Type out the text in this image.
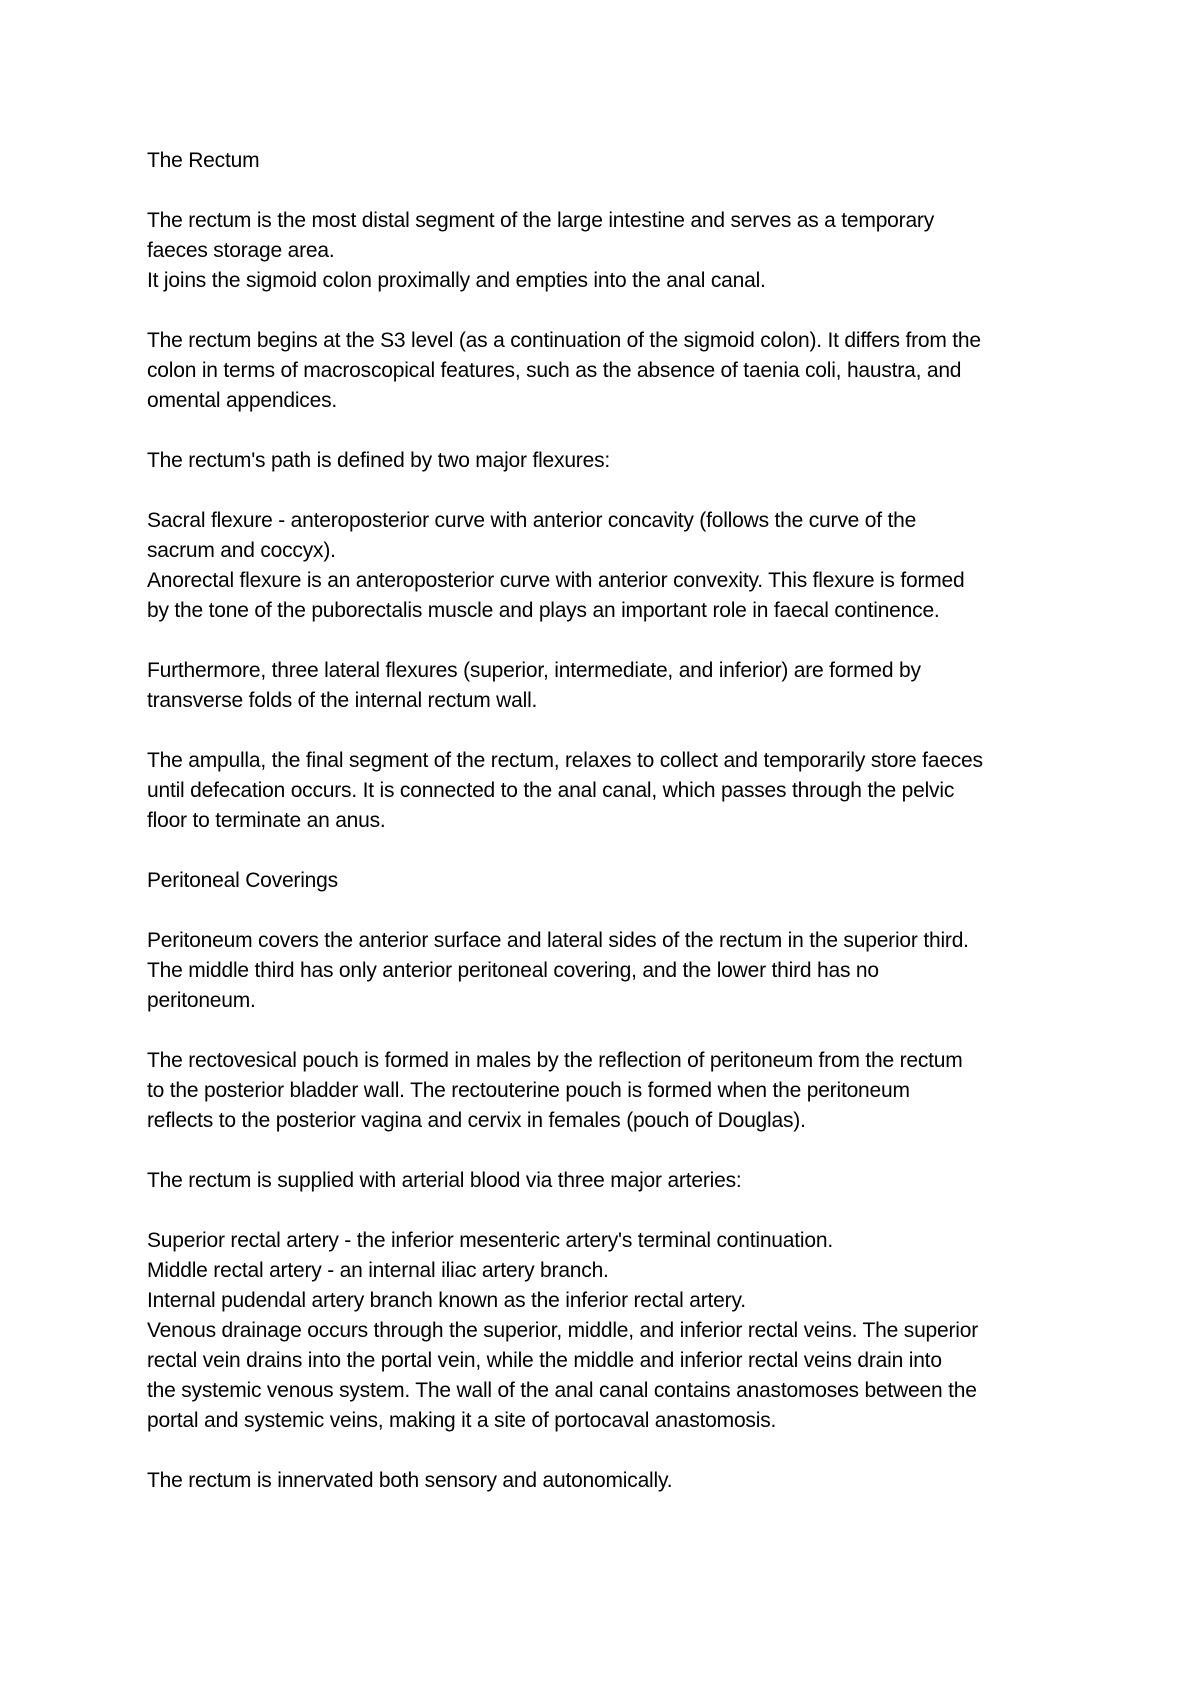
The Rectum

The rectum is the most distal segment of the large intestine and serves as a temporary
faeces storage area.
It joins the sigmoid colon proximally and empties into the anal canal.

The rectum begins at the S3 level (as a continuation of the sigmoid colon). It differs from the
colon in terms of macroscopical features, such as the absence of taenia coli, haustra, and
omental appendices.

The rectum's path is defined by two major flexures:

Sacral flexure - anteroposterior curve with anterior concavity (follows the curve of the
sacrum and coccyx).
Anorectal flexure is an anteroposterior curve with anterior convexity. This flexure is formed
by the tone of the puborectalis muscle and plays an important role in faecal continence.

Furthermore, three lateral flexures (superior, intermediate, and inferior) are formed by
transverse folds of the internal rectum wall.

The ampulla, the final segment of the rectum, relaxes to collect and temporarily store faeces
until defecation occurs. It is connected to the anal canal, which passes through the pelvic
floor to terminate an anus.

Peritoneal Coverings

Peritoneum covers the anterior surface and lateral sides of the rectum in the superior third.
The middle third has only anterior peritoneal covering, and the lower third has no
peritoneum.

The rectovesical pouch is formed in males by the reflection of peritoneum from the rectum
to the posterior bladder wall. The rectouterine pouch is formed when the peritoneum
reflects to the posterior vagina and cervix in females (pouch of Douglas).

The rectum is supplied with arterial blood via three major arteries:

Superior rectal artery - the inferior mesenteric artery's terminal continuation.
Middle rectal artery - an internal iliac artery branch.
Internal pudendal artery branch known as the inferior rectal artery.
Venous drainage occurs through the superior, middle, and inferior rectal veins. The superior
rectal vein drains into the portal vein, while the middle and inferior rectal veins drain into
the systemic venous system. The wall of the anal canal contains anastomoses between the
portal and systemic veins, making it a site of portocaval anastomosis.

The rectum is innervated both sensory and autonomically.
